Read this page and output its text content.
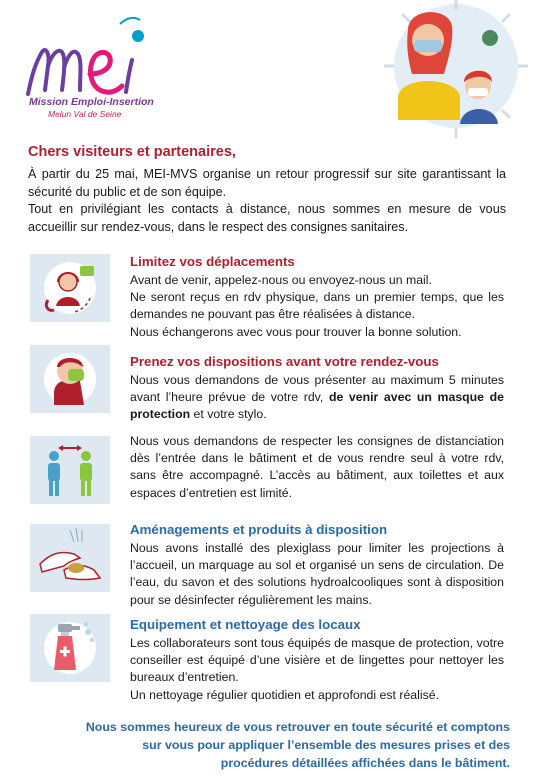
Mission Emploi-Insertion
Melun Val de Seine
Chers visiteurs et partenaires,

À partir du 25 mai, MEI-MVS organise un retour progressif sur site garantissant la sécurité du public et de son équipe.

Tout en privilégiant les contacts à distance, nous sommes en mesure de vous accueillir sur rendez-vous, dans le respect des consignes sanitaires.

Limitez vos déplacements

Avant de venir, appelez-nous ou envoyez-nous un mail.

Ne seront reçus en rdv physique, dans un premier temps, que les demandes ne pouvant pas être réalisées à distance.

Nous échangerons avec vous pour trouver la bonne solution.

Prenez vos dispositions avant votre rendez-vous

Nous vous demandons de vous présenter au maximum 5 minutes avant l’heure prévue de votre rdv, de venir avec un masque de protection et votre stylo.

Nous vous demandons de respecter les consignes de distanciation dès l’entrée dans le bâtiment et de vous rendre seul à votre rdv, sans être accompagné. L’accès au bâtiment, aux toilettes et aux espaces d’entretien est limité.

Aménagements et produits à disposition

Nous avons installé des plexiglass pour limiter les projections à l’accueil, un marquage au sol et organisé un sens de circulation. De l’eau, du savon et des solutions hydroalcooliques sont à disposition pour se désinfecter régulièrement les mains.

Equipement et nettoyage des locaux

Les collaborateurs sont tous équipés de masque de protection, votre conseiller est équipé d’une visière et de lingettes pour nettoyer les bureaux d’entretien.

Un nettoyage régulier quotidien et approfondi est réalisé.

Nous sommes heureux de vous retrouver en toute sécurité et comptons

sur vous pour appliquer l’ensemble des mesures prises et des

procédures détaillées affichées dans le bâtiment.
